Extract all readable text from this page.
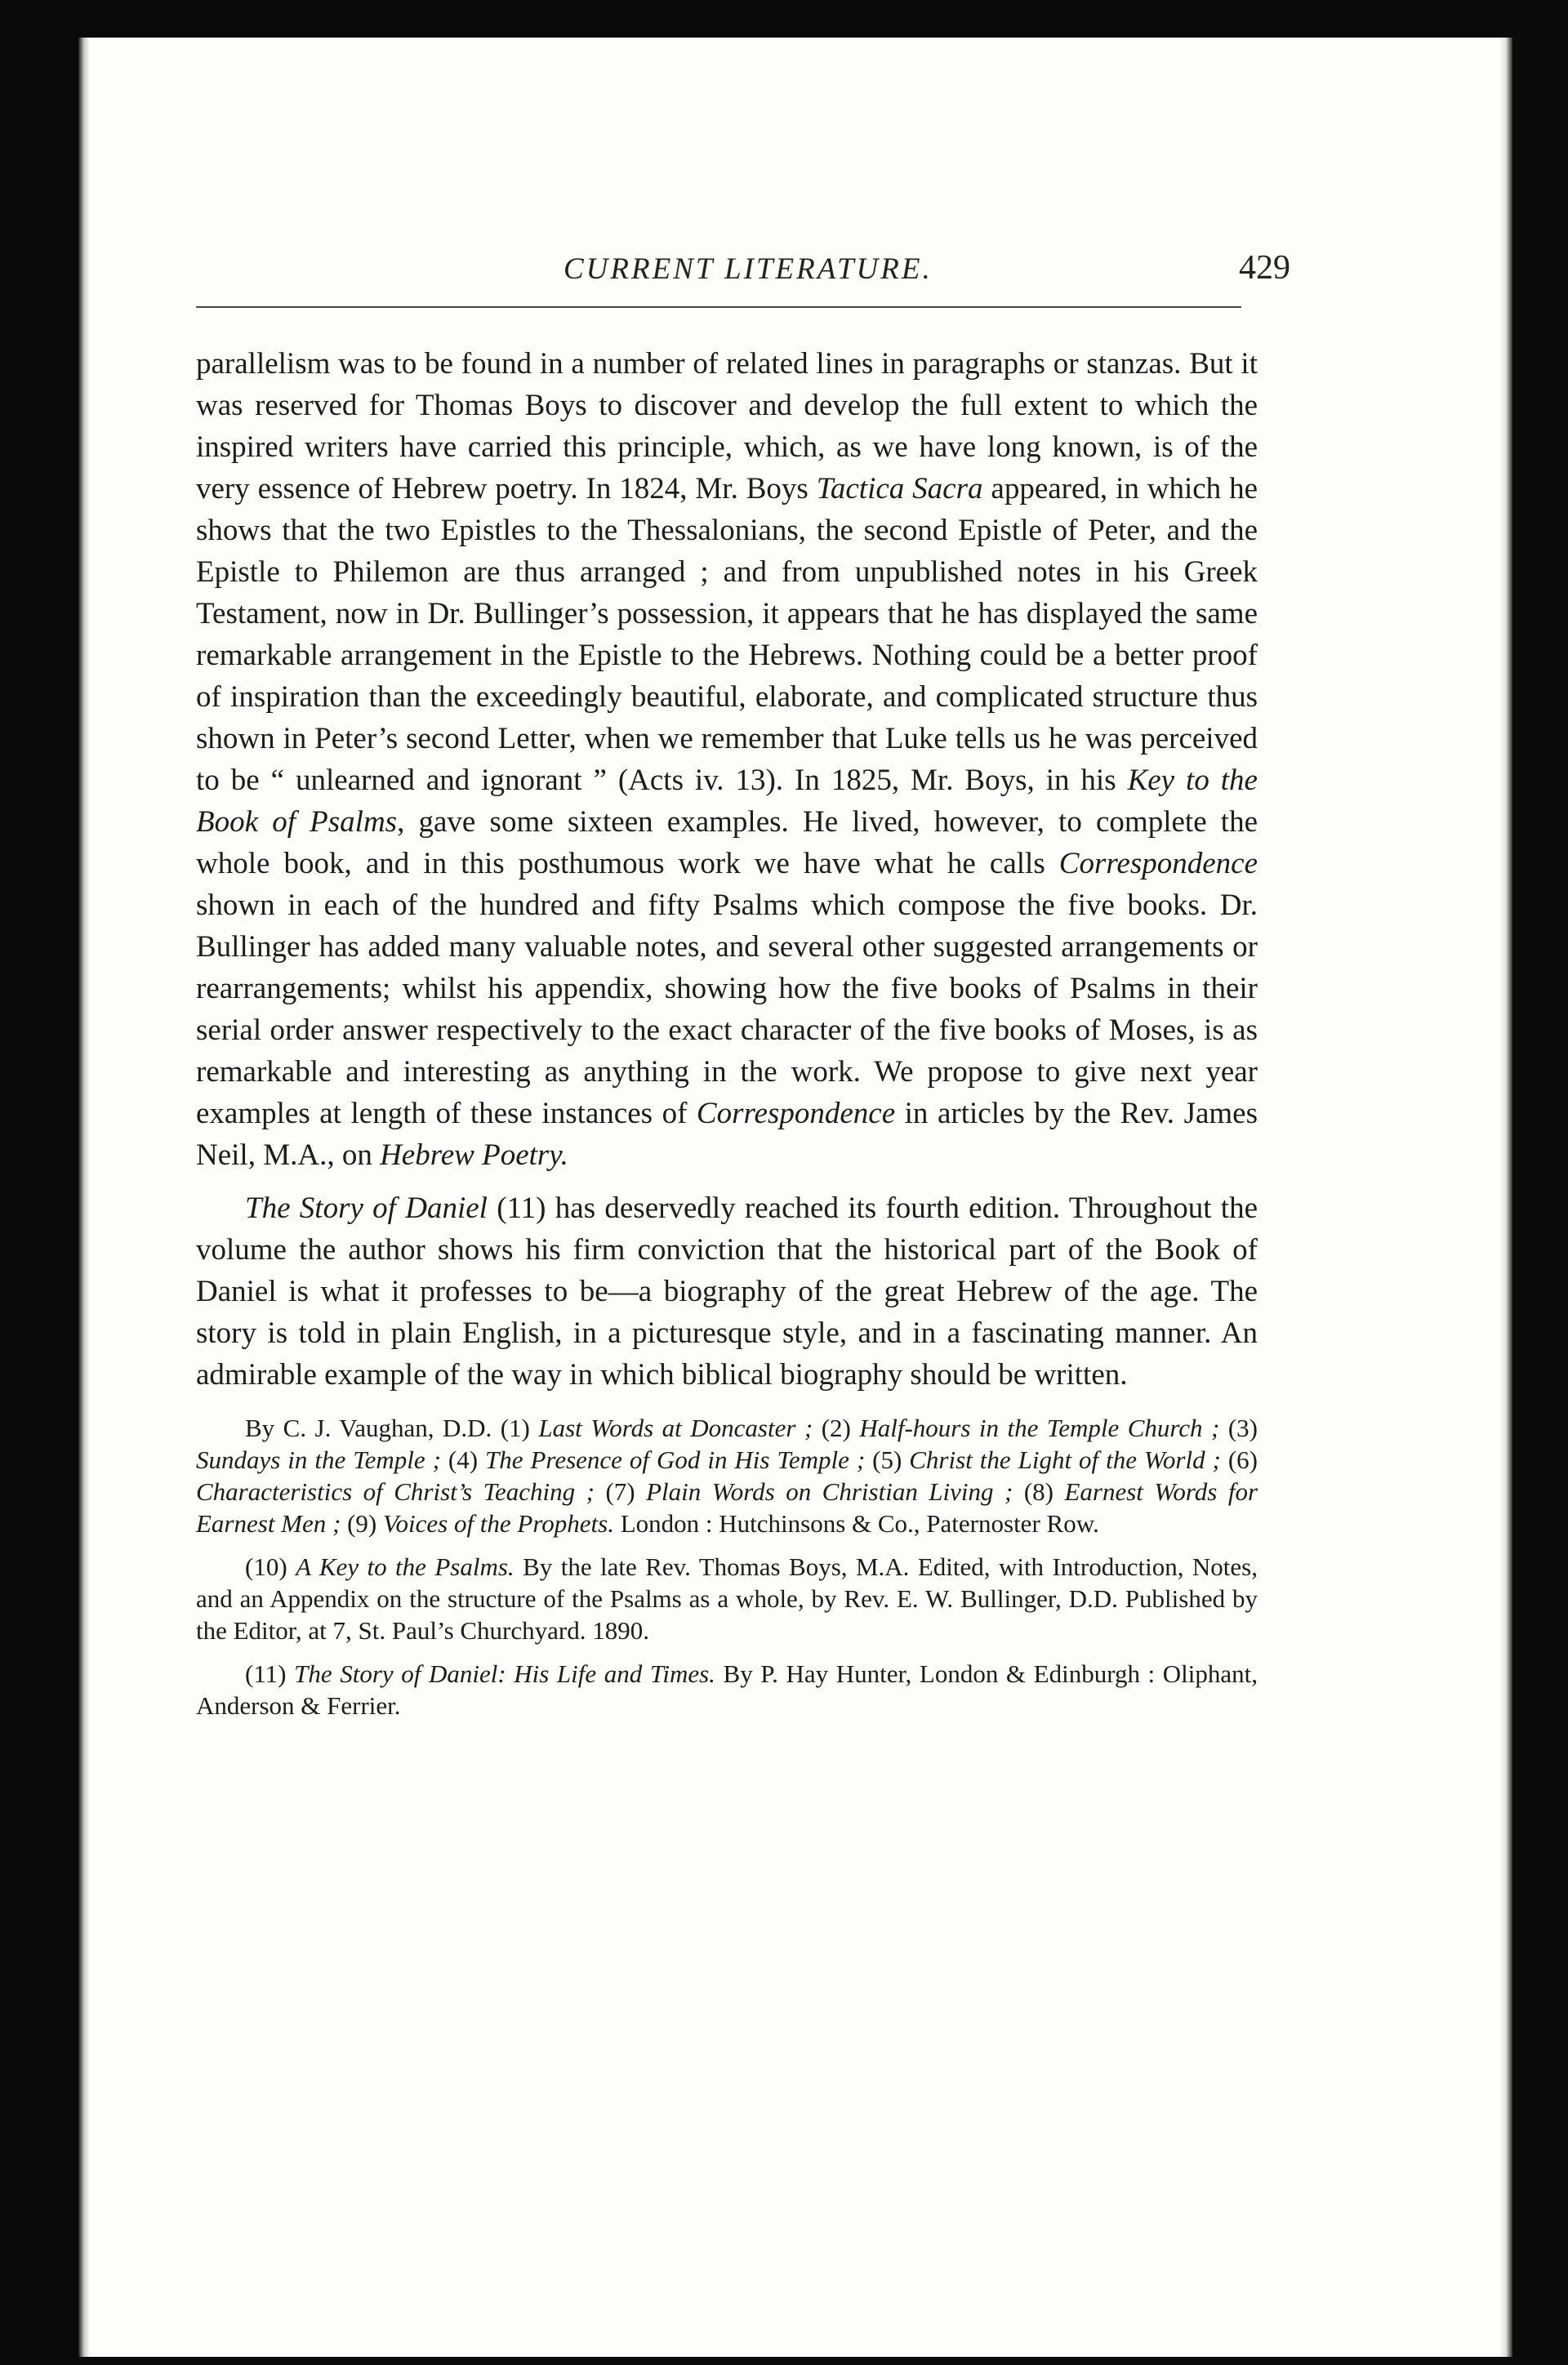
CURRENT LITERATURE.	429

parallelism was to be found in a number of related lines in paragraphs or stanzas. But it was reserved for Thomas Boys to discover and develop the full extent to which the inspired writers have carried this principle, which, as we have long known, is of the very essence of Hebrew poetry. In 1824, Mr. Boys Tactica Sacra appeared, in which he shows that the two Epistles to the Thessalonians, the second Epistle of Peter, and the Epistle to Philemon are thus arranged ; and from unpublished notes in his Greek Testament, now in Dr. Bullinger’s possession, it appears that he has displayed the same remarkable arrangement in the Epistle to the Hebrews. Nothing could be a better proof of inspiration than the exceedingly beautiful, elaborate, and complicated structure thus shown in Peter’s second Letter, when we remember that Luke tells us he was perceived to be “ unlearned and ignorant ” (Acts iv. 13). In 1825, Mr. Boys, in his Key to the Book of Psalms, gave some sixteen examples. He lived, however, to complete the whole book, and in this posthumous work we have what he calls Correspondence shown in each of the hundred and fifty Psalms which compose the five books. Dr. Bullinger has added many valuable notes, and several other suggested arrangements or rearrangements; whilst his appendix, showing how the five books of Psalms in their serial order answer respectively to the exact character of the five books of Moses, is as remarkable and interesting as anything in the work. We propose to give next year examples at length of these instances of Correspondence in articles by the Rev. James Neil, M.A., on Hebrew Poetry.

The Story of Daniel (11) has deservedly reached its fourth edition. Throughout the volume the author shows his firm conviction that the historical part of the Book of Daniel is what it professes to be—a biography of the great Hebrew of the age. The story is told in plain English, in a picturesque style, and in a fascinating manner. An admirable example of the way in which biblical biography should be written.

By C. J. Vaughan, D.D. (1) Last Words at Doncaster ; (2) Half-hours in the Temple Church ; (3) Sundays in the Temple ; (4) The Presence of God in His Temple ; (5) Christ the Light of the World ; (6) Characteristics of Christ’s Teaching ; (7) Plain Words on Christian Living ; (8) Earnest Words for Earnest Men ; (9) Voices of the Prophets. London : Hutchinsons & Co., Paternoster Row.

(10) A Key to the Psalms. By the late Rev. Thomas Boys, M.A. Edited, with Introduction, Notes, and an Appendix on the structure of the Psalms as a whole, by Rev. E. W. Bullinger, D.D. Published by the Editor, at 7, St. Paul’s Churchyard. 1890.

(11) The Story of Daniel: His Life and Times. By P. Hay Hunter, London & Edinburgh : Oliphant, Anderson & Ferrier.
